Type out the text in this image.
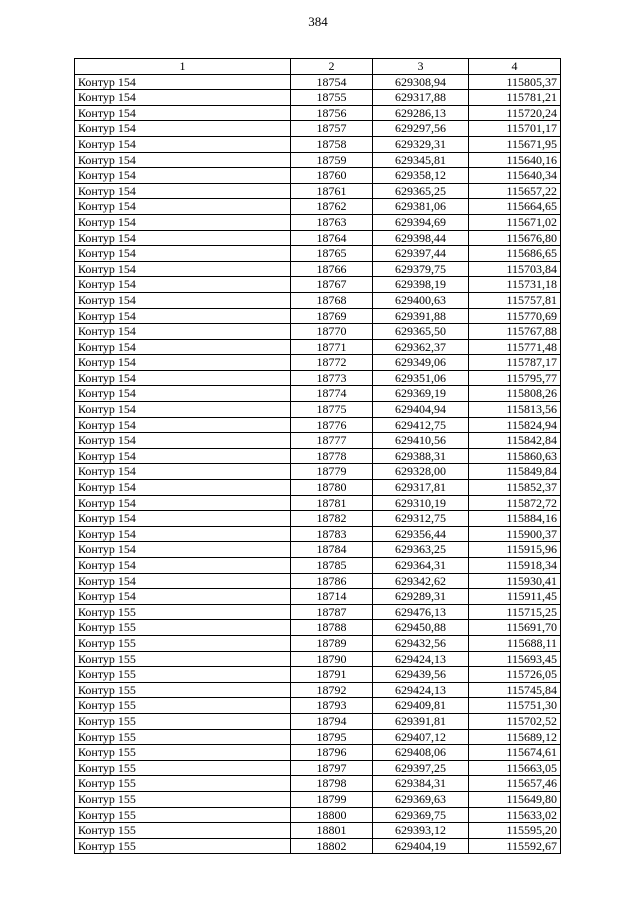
384
1	2	3	4
Контур 154	18754	629308,94	115805,37
Контур 154	18755	629317,88	115781,21
Контур 154	18756	629286,13	115720,24
Контур 154	18757	629297,56	115701,17
Контур 154	18758	629329,31	115671,95
Контур 154	18759	629345,81	115640,16
Контур 154	18760	629358,12	115640,34
Контур 154	18761	629365,25	115657,22
Контур 154	18762	629381,06	115664,65
Контур 154	18763	629394,69	115671,02
Контур 154	18764	629398,44	115676,80
Контур 154	18765	629397,44	115686,65
Контур 154	18766	629379,75	115703,84
Контур 154	18767	629398,19	115731,18
Контур 154	18768	629400,63	115757,81
Контур 154	18769	629391,88	115770,69
Контур 154	18770	629365,50	115767,88
Контур 154	18771	629362,37	115771,48
Контур 154	18772	629349,06	115787,17
Контур 154	18773	629351,06	115795,77
Контур 154	18774	629369,19	115808,26
Контур 154	18775	629404,94	115813,56
Контур 154	18776	629412,75	115824,94
Контур 154	18777	629410,56	115842,84
Контур 154	18778	629388,31	115860,63
Контур 154	18779	629328,00	115849,84
Контур 154	18780	629317,81	115852,37
Контур 154	18781	629310,19	115872,72
Контур 154	18782	629312,75	115884,16
Контур 154	18783	629356,44	115900,37
Контур 154	18784	629363,25	115915,96
Контур 154	18785	629364,31	115918,34
Контур 154	18786	629342,62	115930,41
Контур 154	18714	629289,31	115911,45
Контур 155	18787	629476,13	115715,25
Контур 155	18788	629450,88	115691,70
Контур 155	18789	629432,56	115688,11
Контур 155	18790	629424,13	115693,45
Контур 155	18791	629439,56	115726,05
Контур 155	18792	629424,13	115745,84
Контур 155	18793	629409,81	115751,30
Контур 155	18794	629391,81	115702,52
Контур 155	18795	629407,12	115689,12
Контур 155	18796	629408,06	115674,61
Контур 155	18797	629397,25	115663,05
Контур 155	18798	629384,31	115657,46
Контур 155	18799	629369,63	115649,80
Контур 155	18800	629369,75	115633,02
Контур 155	18801	629393,12	115595,20
Контур 155	18802	629404,19	115592,67
